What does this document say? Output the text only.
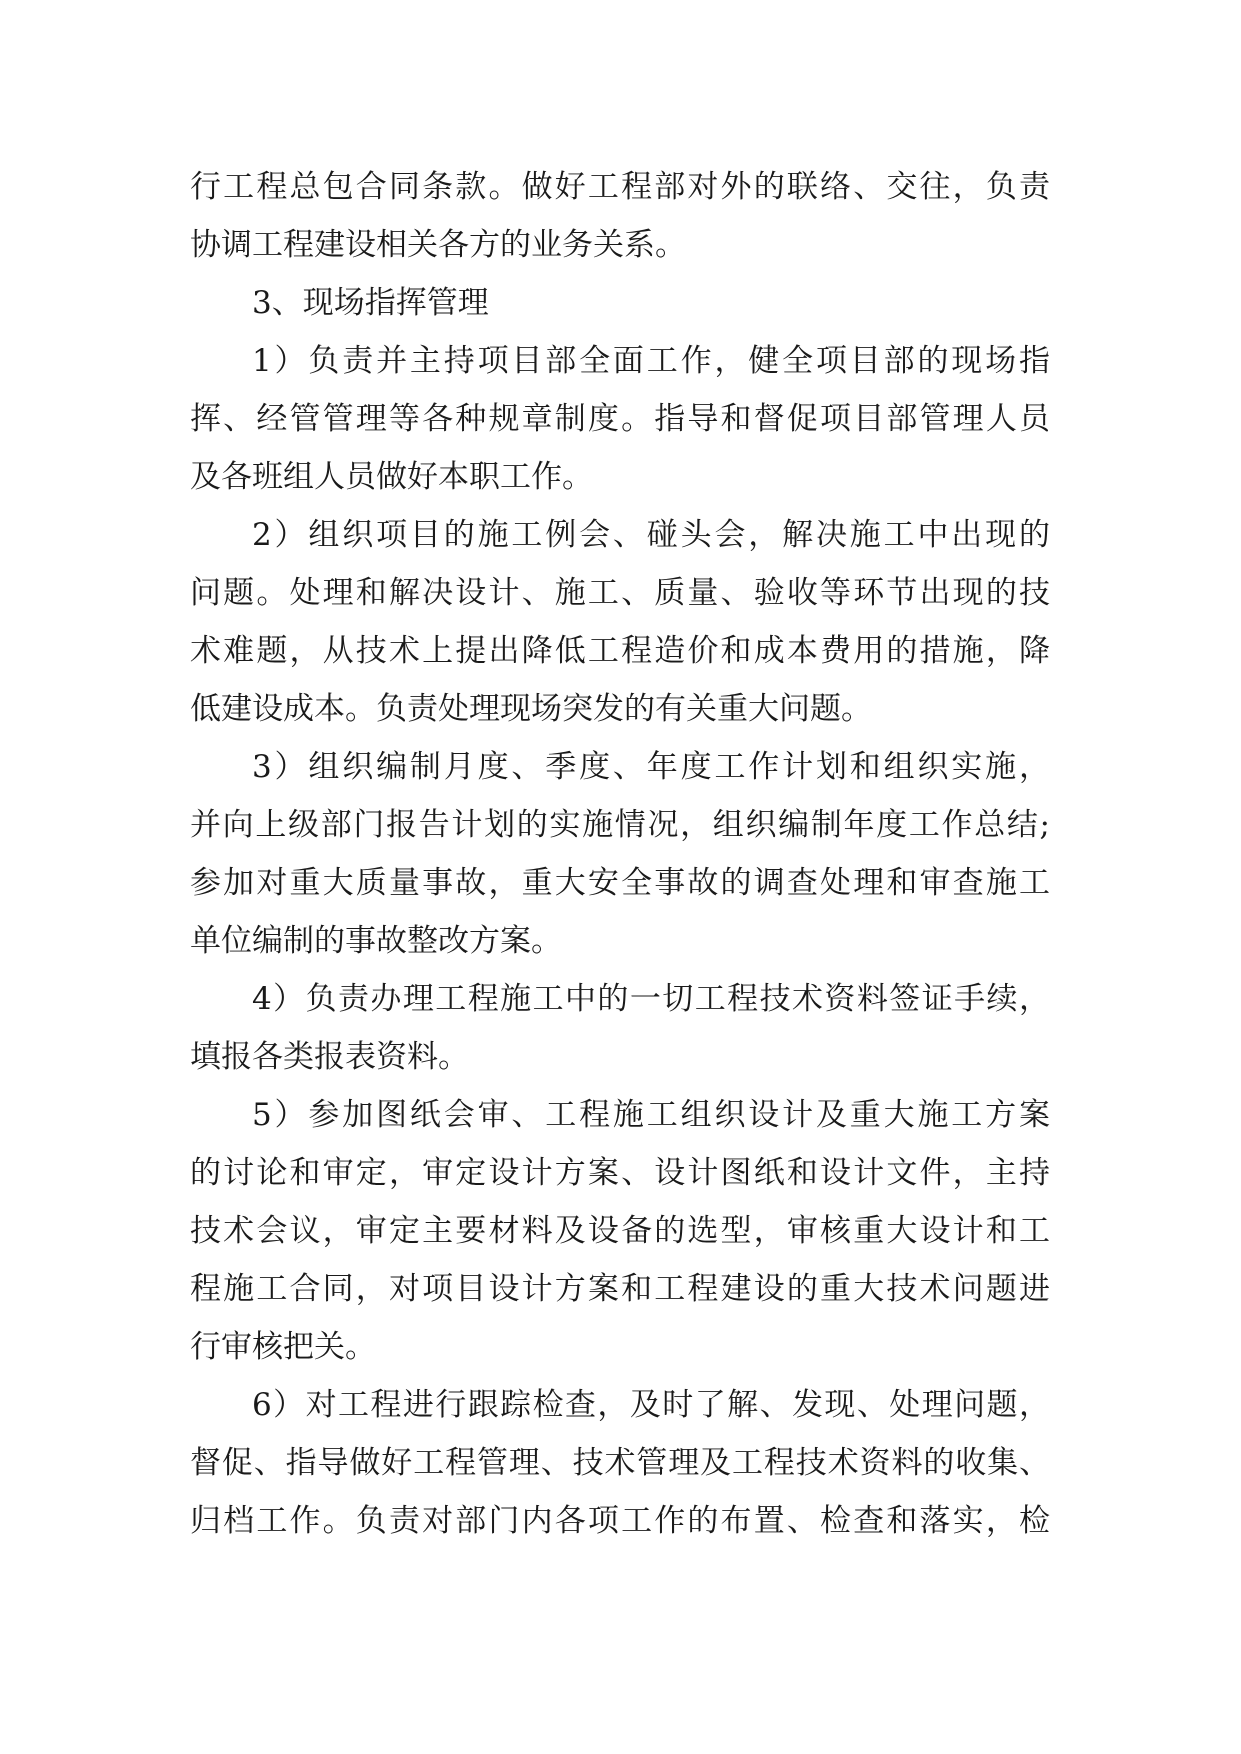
行工程总包合同条款。做好工程部对外的联络、交往，负责
协调工程建设相关各方的业务关系。
3、现场指挥管理
1）负责并主持项目部全面工作，健全项目部的现场指
挥、经管管理等各种规章制度。指导和督促项目部管理人员
及各班组人员做好本职工作。
2）组织项目的施工例会、碰头会，解决施工中出现的
问题。处理和解决设计、施工、质量、验收等环节出现的技
术难题，从技术上提出降低工程造价和成本费用的措施，降
低建设成本。负责处理现场突发的有关重大问题。
3）组织编制月度、季度、年度工作计划和组织实施，
并向上级部门报告计划的实施情况，组织编制年度工作总结;
参加对重大质量事故，重大安全事故的调查处理和审查施工
单位编制的事故整改方案。
4）负责办理工程施工中的一切工程技术资料签证手续，
填报各类报表资料。
5）参加图纸会审、工程施工组织设计及重大施工方案
的讨论和审定，审定设计方案、设计图纸和设计文件，主持
技术会议，审定主要材料及设备的选型，审核重大设计和工
程施工合同，对项目设计方案和工程建设的重大技术问题进
行审核把关。
6）对工程进行跟踪检查，及时了解、发现、处理问题，
督促、指导做好工程管理、技术管理及工程技术资料的收集、
归档工作。负责对部门内各项工作的布置、检查和落实，检
